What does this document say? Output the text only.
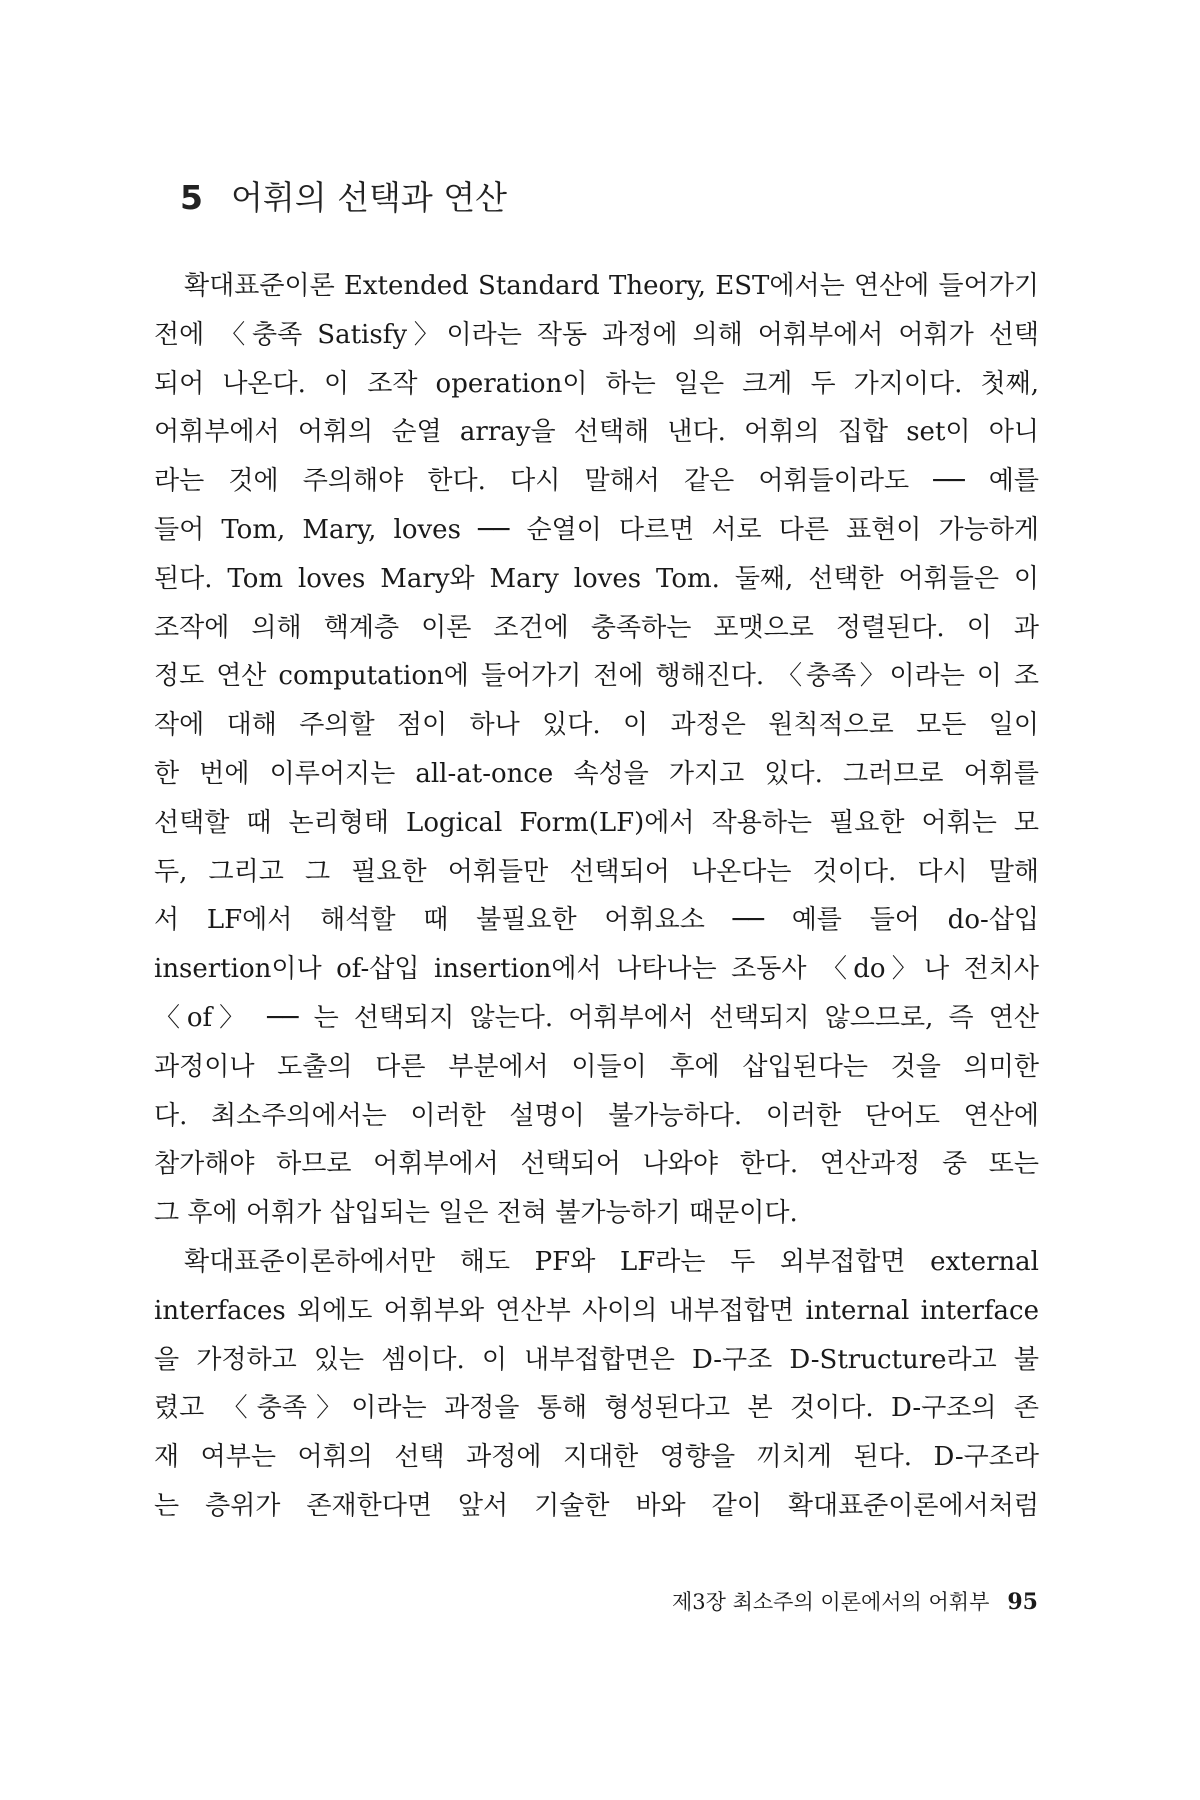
5 어휘의 선택과 연산
확대표준이론 Extended Standard Theory, EST에서는 연산에 들어가기
전에 〈충족 Satisfy〉이라는 작동 과정에 의해 어휘부에서 어휘가 선택
되어 나온다. 이 조작 operation이 하는 일은 크게 두 가지이다. 첫째,
어휘부에서 어휘의 순열 array을 선택해 낸다. 어휘의 집합 set이 아니
라는 것에 주의해야 한다. 다시 말해서 같은 어휘들이라도 ── 예를
들어 Tom, Mary, loves ── 순열이 다르면 서로 다른 표현이 가능하게
된다. Tom loves Mary와 Mary loves Tom. 둘째, 선택한 어휘들은 이
조작에 의해 핵계층 이론 조건에 충족하는 포맷으로 정렬된다. 이 과
정도 연산 computation에 들어가기 전에 행해진다. 〈충족〉이라는 이 조
작에 대해 주의할 점이 하나 있다. 이 과정은 원칙적으로 모든 일이
한 번에 이루어지는 all-at-once 속성을 가지고 있다. 그러므로 어휘를
선택할 때 논리형태 Logical Form(LF)에서 작용하는 필요한 어휘는 모
두, 그리고 그 필요한 어휘들만 선택되어 나온다는 것이다. 다시 말해
서 LF에서 해석할 때 불필요한 어휘요소 ── 예를 들어 do-삽입
insertion이나 of-삽입 insertion에서 나타나는 조동사 〈do〉나 전치사
〈of〉 ── 는 선택되지 않는다. 어휘부에서 선택되지 않으므로, 즉 연산
과정이나 도출의 다른 부분에서 이들이 후에 삽입된다는 것을 의미한
다. 최소주의에서는 이러한 설명이 불가능하다. 이러한 단어도 연산에
참가해야 하므로 어휘부에서 선택되어 나와야 한다. 연산과정 중 또는
그 후에 어휘가 삽입되는 일은 전혀 불가능하기 때문이다.
확대표준이론하에서만 해도 PF와 LF라는 두 외부접합면 external
interfaces 외에도 어휘부와 연산부 사이의 내부접합면 internal interface
을 가정하고 있는 셈이다. 이 내부접합면은 D-구조 D-Structure라고 불
렸고 〈충족〉이라는 과정을 통해 형성된다고 본 것이다. D-구조의 존
재 여부는 어휘의 선택 과정에 지대한 영향을 끼치게 된다. D-구조라
는 층위가 존재한다면 앞서 기술한 바와 같이 확대표준이론에서처럼
제3장 최소주의 이론에서의 어휘부 95
